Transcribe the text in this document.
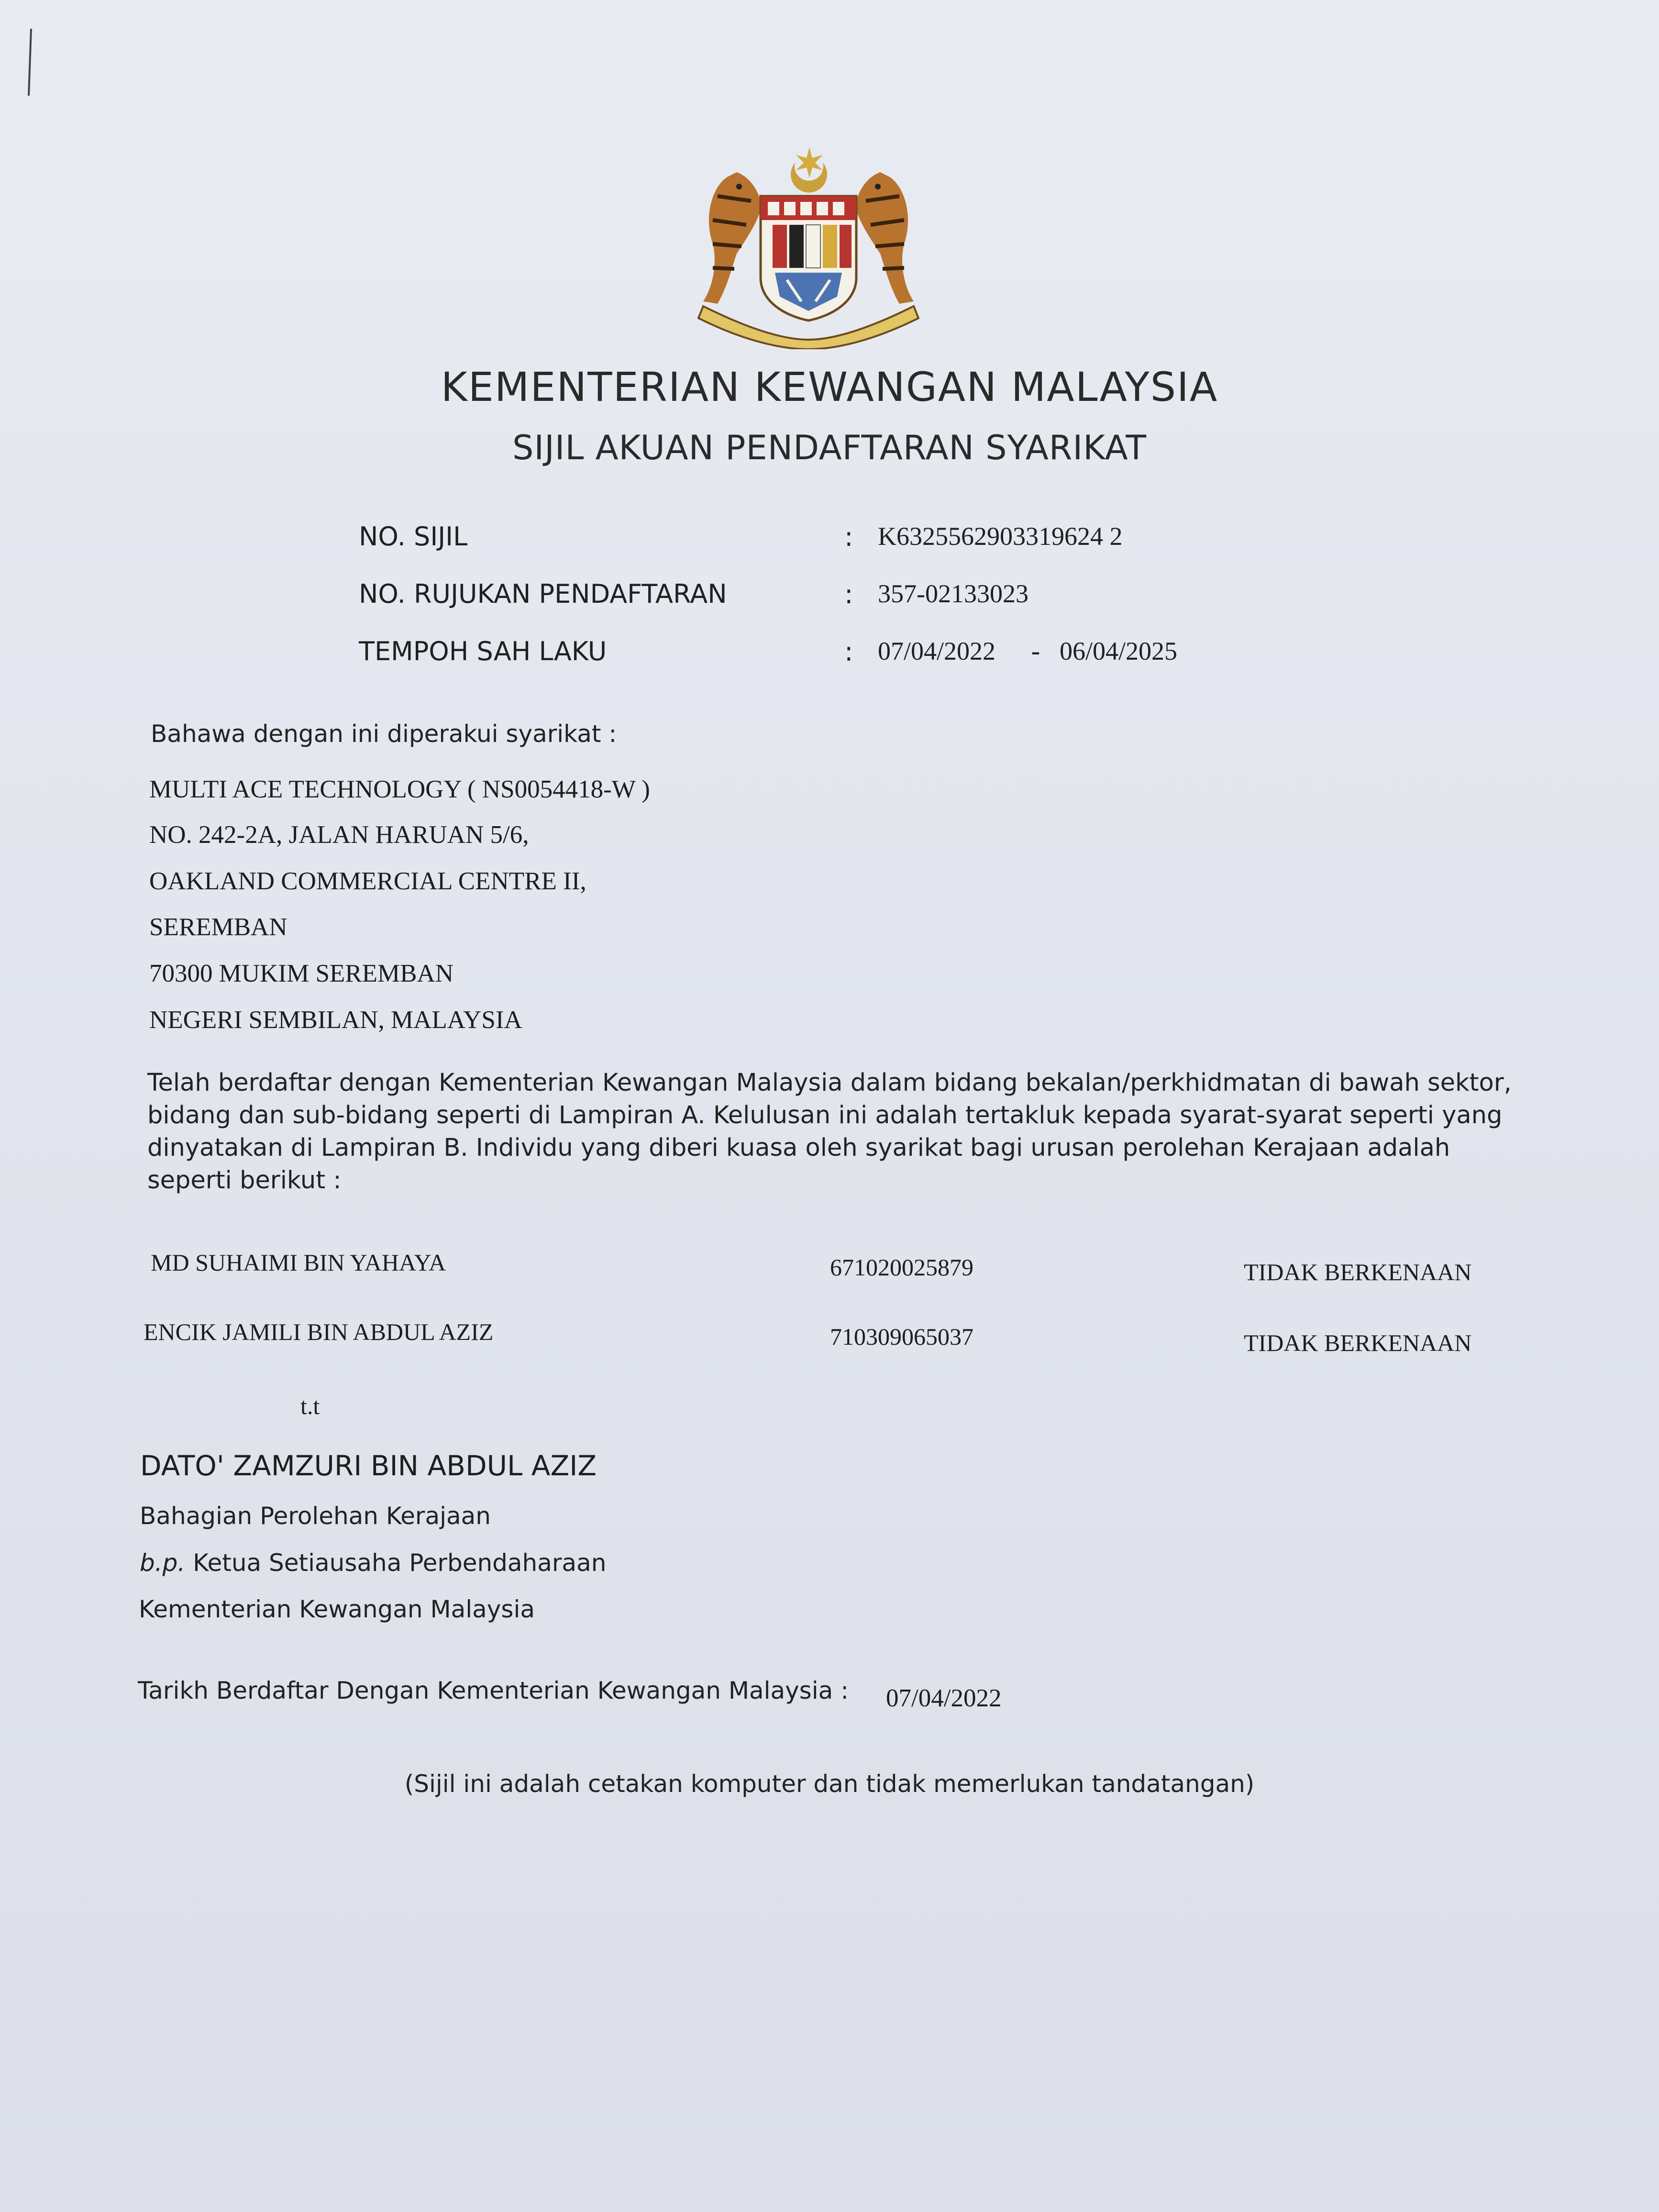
KEMENTERIAN KEWANGAN MALAYSIA
SIJIL AKUAN PENDAFTARAN SYARIKAT
NO. SIJIL	: K6325562903319624 2
NO. RUJUKAN PENDAFTARAN	: 357-02133023
TEMPOH SAH LAKU	: 07/04/2022 - 06/04/2025
Bahawa dengan ini diperakui syarikat :
MULTI ACE TECHNOLOGY ( NS0054418-W )
NO. 242-2A, JALAN HARUAN 5/6,
OAKLAND COMMERCIAL CENTRE II,
SEREMBAN
70300 MUKIM SEREMBAN
NEGERI SEMBILAN, MALAYSIA
Telah berdaftar dengan Kementerian Kewangan Malaysia dalam bidang bekalan/perkhidmatan di bawah sektor, bidang dan sub-bidang seperti di Lampiran A. Kelulusan ini adalah tertakluk kepada syarat-syarat seperti yang dinyatakan di Lampiran B. Individu yang diberi kuasa oleh syarikat bagi urusan perolehan Kerajaan adalah seperti berikut :
MD SUHAIMI BIN YAHAYA	671020025879	TIDAK BERKENAAN
ENCIK JAMILI BIN ABDUL AZIZ	710309065037	TIDAK BERKENAAN
t.t
DATO' ZAMZURI BIN ABDUL AZIZ
Bahagian Perolehan Kerajaan
b.p. Ketua Setiausaha Perbendaharaan
Kementerian Kewangan Malaysia
Tarikh Berdaftar Dengan Kementerian Kewangan Malaysia : 07/04/2022
(Sijil ini adalah cetakan komputer dan tidak memerlukan tandatangan)
